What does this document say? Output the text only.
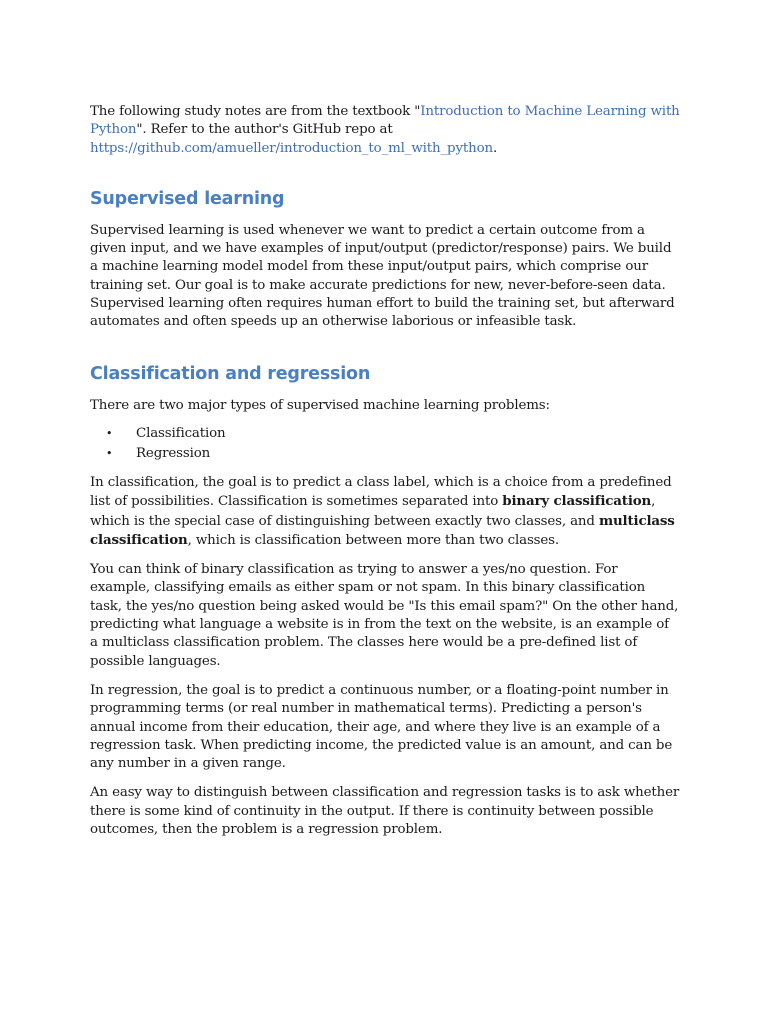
The following study notes are from the textbook "Introduction to Machine Learning with Python". Refer to the author's GitHub repo at
https://github.com/amueller/introduction_to_ml_with_python.

Supervised learning

Supervised learning is used whenever we want to predict a certain outcome from a given input, and we have examples of input/output (predictor/response) pairs. We build a machine learning model model from these input/output pairs, which comprise our training set. Our goal is to make accurate predictions for new, never-before-seen data. Supervised learning often requires human effort to build the training set, but afterward automates and often speeds up an otherwise laborious or infeasible task.

Classification and regression

There are two major types of supervised machine learning problems:

• Classification
• Regression

In classification, the goal is to predict a class label, which is a choice from a predefined list of possibilities. Classification is sometimes separated into binary classification, which is the special case of distinguishing between exactly two classes, and multiclass classification, which is classification between more than two classes.

You can think of binary classification as trying to answer a yes/no question. For example, classifying emails as either spam or not spam. In this binary classification task, the yes/no question being asked would be "Is this email spam?" On the other hand, predicting what language a website is in from the text on the website, is an example of a multiclass classification problem. The classes here would be a pre-defined list of possible languages.

In regression, the goal is to predict a continuous number, or a floating-point number in programming terms (or real number in mathematical terms). Predicting a person's annual income from their education, their age, and where they live is an example of a regression task. When predicting income, the predicted value is an amount, and can be any number in a given range.

An easy way to distinguish between classification and regression tasks is to ask whether there is some kind of continuity in the output. If there is continuity between possible outcomes, then the problem is a regression problem.
